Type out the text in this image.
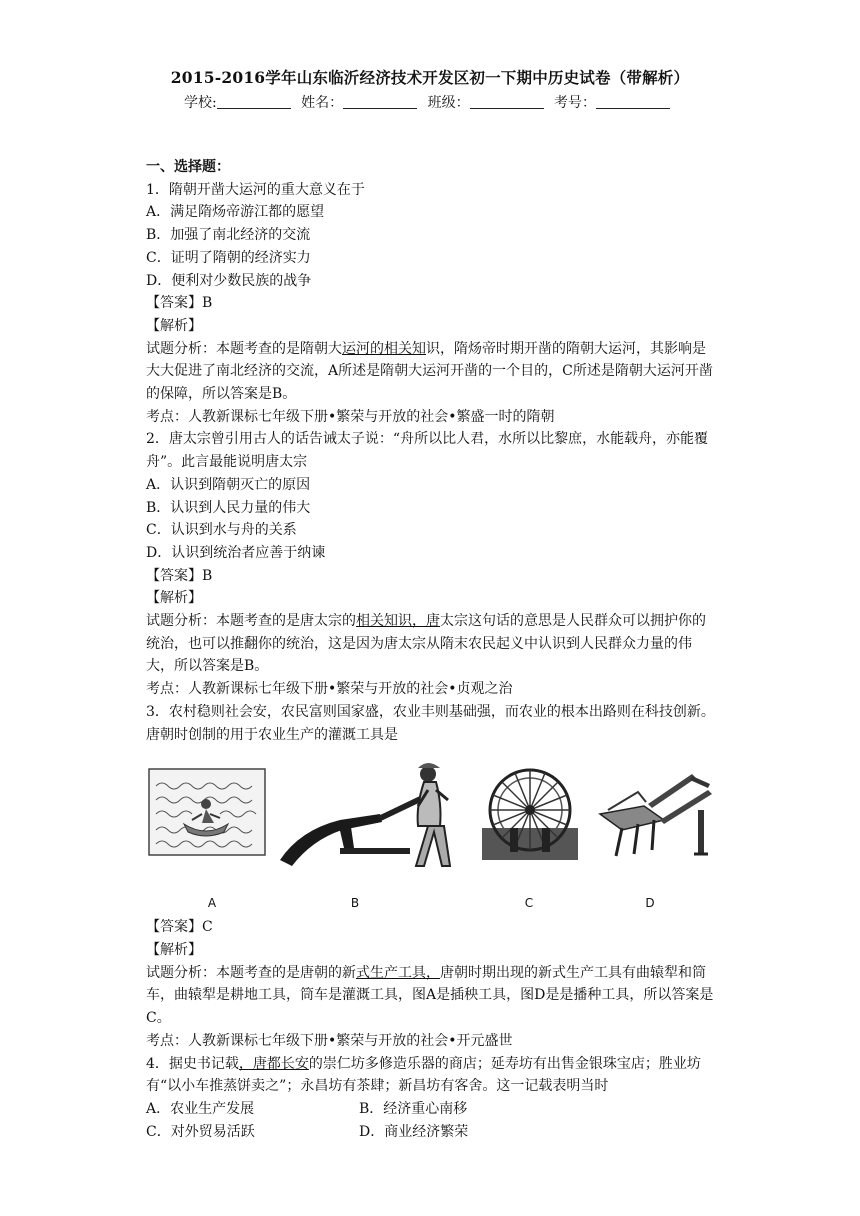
2015-2016学年山东临沂经济技术开发区初一下期中历史试卷（带解析）
学校:	姓名：	班级：	考号：

一、选择题：

1．隋朝开凿大运河的重大意义在于

A．满足隋炀帝游江都的愿望

B．加强了南北经济的交流

C．证明了隋朝的经济实力

D．便利对少数民族的战争

【答案】B

【解析】

试题分析：本题考查的是隋朝大运河的相关知识，隋炀帝时期开凿的隋朝大运河，其影响是大大促进了南北经济的交流，A所述是隋朝大运河开凿的一个目的，C所述是隋朝大运河开凿的保障，所以答案是B。

考点：人教新课标七年级下册•繁荣与开放的社会•繁盛一时的隋朝

2．唐太宗曾引用古人的话告诫太子说：“舟所以比人君，水所以比黎庶，水能载舟，亦能覆舟”。此言最能说明唐太宗

A．认识到隋朝灭亡的原因

B．认识到人民力量的伟大

C．认识到水与舟的关系

D．认识到统治者应善于纳谏

【答案】B

【解析】

试题分析：本题考查的是唐太宗的相关知识，唐太宗这句话的意思是人民群众可以拥护你的统治，也可以推翻你的统治，这是因为唐太宗从隋末农民起义中认识到人民群众力量的伟大，所以答案是B。

考点：人教新课标七年级下册•繁荣与开放的社会•贞观之治

3．农村稳则社会安，农民富则国家盛，农业丰则基础强，而农业的根本出路则在科技创新。唐朝时创制的用于农业生产的灌溉工具是

A	B	C	D

【答案】C

【解析】

试题分析：本题考查的是唐朝的新式生产工具，唐朝时期出现的新式生产工具有曲辕犁和筒车，曲辕犁是耕地工具，筒车是灌溉工具，图A是插秧工具，图D是是播种工具，所以答案是C。

考点：人教新课标七年级下册•繁荣与开放的社会•开元盛世

4．据史书记载，唐都长安的崇仁坊多修造乐器的商店；延寿坊有出售金银珠宝店；胜业坊有“以小车推蒸饼卖之”；永昌坊有茶肆；新昌坊有客舍。这一记载表明当时

A．农业生产发展	B．经济重心南移
C．对外贸易活跃	D．商业经济繁荣
